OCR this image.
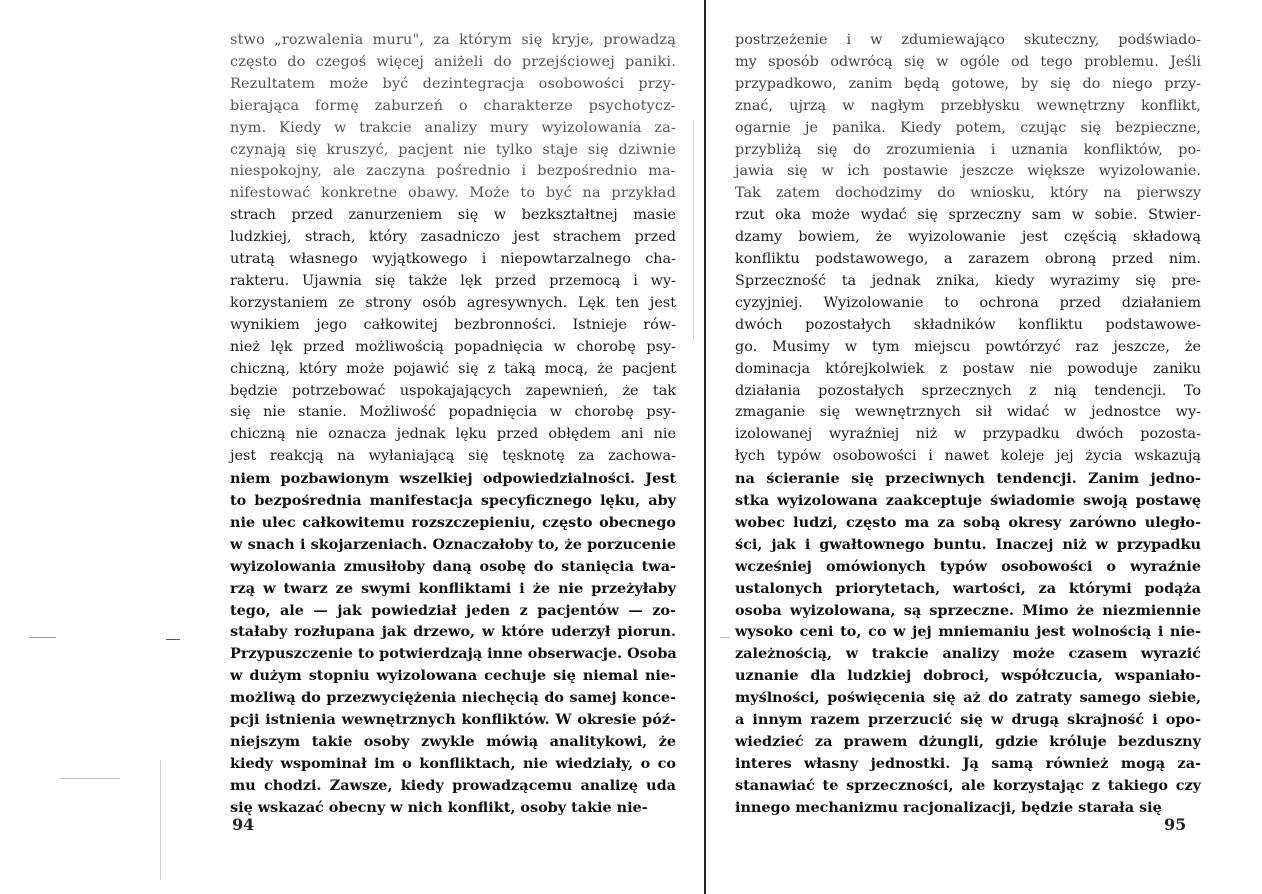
stwo „rozwalenia muru", za którym się kryje, prowadzą
często do czegoś więcej aniżeli do przejściowej paniki.
Rezultatem może być dezintegracja osobowości przy-
bierająca formę zaburzeń o charakterze psychotycz-
nym. Kiedy w trakcie analizy mury wyizolowania za-
czynają się kruszyć, pacjent nie tylko staje się dziwnie
niespokojny, ale zaczyna pośrednio i bezpośrednio ma-
nifestować konkretne obawy. Może to być na przykład
strach przed zanurzeniem się w bezkształtnej masie
ludzkiej, strach, który zasadniczo jest strachem przed
utratą własnego wyjątkowego i niepowtarzalnego cha-
rakteru. Ujawnia się także lęk przed przemocą i wy-
korzystaniem ze strony osób agresywnych. Lęk ten jest
wynikiem jego całkowitej bezbronności. Istnieje rów-
nież lęk przed możliwością popadnięcia w chorobę psy-
chiczną, który może pojawić się z taką mocą, że pacjent
będzie potrzebować uspokajających zapewnień, że tak
się nie stanie. Możliwość popadnięcia w chorobę psy-
chiczną nie oznacza jednak lęku przed obłędem ani nie
jest reakcją na wyłaniającą się tęsknotę za zachowa-
niem pozbawionym wszelkiej odpowiedzialności. Jest
to bezpośrednia manifestacja specyficznego lęku, aby
nie ulec całkowitemu rozszczepieniu, często obecnego
w snach i skojarzeniach. Oznaczałoby to, że porzucenie
wyizolowania zmusiłoby daną osobę do stanięcia twa-
rzą w twarz ze swymi konfliktami i że nie przeżyłaby
tego, ale — jak powiedział jeden z pacjentów — zo-
stałaby rozłupana jak drzewo, w które uderzył piorun.
Przypuszczenie to potwierdzają inne obserwacje. Osoba
w dużym stopniu wyizolowana cechuje się niemal nie-
możliwą do przezwyciężenia niechęcią do samej konce-
pcji istnienia wewnętrznych konfliktów. W okresie póź-
niejszym takie osoby zwykle mówią analitykowi, że
kiedy wspominał im o konfliktach, nie wiedziały, o co
mu chodzi. Zawsze, kiedy prowadzącemu analizę uda
się wskazać obecny w nich konflikt, osoby takie nie-
94
postrzeżenie i w zdumiewająco skuteczny, podświado-
my sposób odwrócą się w ogóle od tego problemu. Jeśli
przypadkowo, zanim będą gotowe, by się do niego przy-
znać, ujrzą w nagłym przebłysku wewnętrzny konflikt,
ogarnie je panika. Kiedy potem, czując się bezpieczne,
przybliżą się do zrozumienia i uznania konfliktów, po-
jawia się w ich postawie jeszcze większe wyizolowanie.
Tak zatem dochodzimy do wniosku, który na pierwszy
rzut oka może wydać się sprzeczny sam w sobie. Stwier-
dzamy bowiem, że wyizolowanie jest częścią składową
konfliktu podstawowego, a zarazem obroną przed nim.
Sprzeczność ta jednak znika, kiedy wyrazimy się pre-
cyzyjniej. Wyizolowanie to ochrona przed działaniem
dwóch pozostałych składników konfliktu podstawowe-
go. Musimy w tym miejscu powtórzyć raz jeszcze, że
dominacja którejkolwiek z postaw nie powoduje zaniku
działania pozostałych sprzecznych z nią tendencji. To
zmaganie się wewnętrznych sił widać w jednostce wy-
izolowanej wyraźniej niż w przypadku dwóch pozosta-
łych typów osobowości i nawet koleje jej życia wskazują
na ścieranie się przeciwnych tendencji. Zanim jedno-
stka wyizolowana zaakceptuje świadomie swoją postawę
wobec ludzi, często ma za sobą okresy zarówno uległo-
ści, jak i gwałtownego buntu. Inaczej niż w przypadku
wcześniej omówionych typów osobowości o wyraźnie
ustalonych priorytetach, wartości, za którymi podąża
osoba wyizolowana, są sprzeczne. Mimo że niezmiennie
wysoko ceni to, co w jej mniemaniu jest wolnością i nie-
zależnością, w trakcie analizy może czasem wyrazić
uznanie dla ludzkiej dobroci, współczucia, wspaniało-
myślności, poświęcenia się aż do zatraty samego siebie,
a innym razem przerzucić się w drugą skrajność i opo-
wiedzieć za prawem dżungli, gdzie króluje bezduszny
interes własny jednostki. Ją samą również mogą za-
stanawiać te sprzeczności, ale korzystając z takiego czy
innego mechanizmu racjonalizacji, będzie starała się
95
